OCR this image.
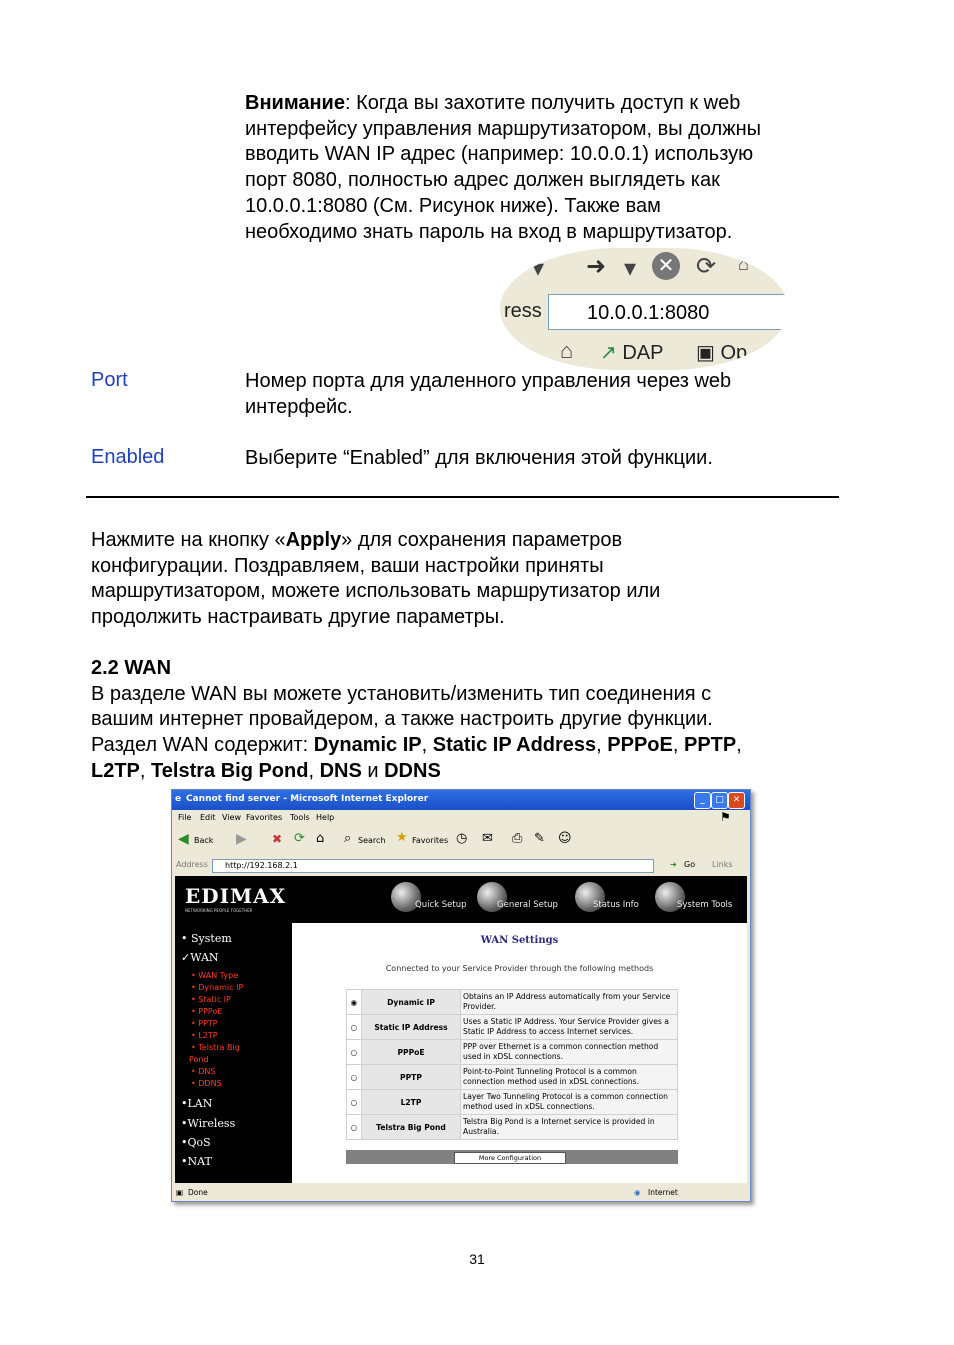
Внимание: Когда вы захотите получить доступ к web
интерфейсу управления маршрутизатором, вы должны
вводить WAN IP адрес (например: 10.0.0.1) использую
порт 8080, полностью адрес должен выглядеть как
10.0.0.1:8080 (См. Рисунок ниже). Также вам
необходимо знать пароль на вход в маршрутизатор.
▾ ➜ ▾ ✕ ⟳ ⌂
ress 10.0.0.1:8080
⌂ ↗ DAP ▣ Ор
Port	Номер порта для удаленного управления через web
интерфейс.
Enabled	Выберите “Enabled” для включения этой функции.
Нажмите на кнопку «Apply» для сохранения параметров
конфигурации. Поздравляем, ваши настройки приняты
маршрутизатором, можете использовать маршрутизатор или
продолжить настраивать другие параметры.
2.2 WAN
В разделе WAN вы можете установить/изменить тип соединения с
вашим интернет провайдером, а также настроить другие функции.
Раздел WAN содержит: Dynamic IP, Static IP Address, PPPoE, PPTP,
L2TP, Telstra Big Pond, DNS и DDNS
e Cannot find server - Microsoft Internet Explorer	_	□ ✕
File Edit View Favorites Tools Help	⚑
◀ Back ▶ ✖ ⟳ ⌂ ⌕ Search ★ Favorites ◷ ✉ ⎙ ✎ ☺
Address http://192.168.2.1	➜ Go Links
EDIMAX
NETWORKING PEOPLE TOGETHER
Quick Setup	General Setup	Status Info	System Tools
• System
✓WAN
• WAN Type
• Dynamic IP
• Static IP
• PPPoE
• PPTP
• L2TP
• Telstra Big
Pond
• DNS
• DDNS
•LAN
•Wireless
•QoS
•NAT
WAN Settings
Connected to your Service Provider through the following methods
◉	Dynamic IP	Obtains an IP Address automatically from your Service Provider.
○	Static IP Address	Uses a Static IP Address. Your Service Provider gives a Static IP Address to access Internet services.
○	PPPoE	PPP over Ethernet is a common connection method used in xDSL connections.
○	PPTP	Point-to-Point Tunneling Protocol is a common connection method used in xDSL connections.
○	L2TP	Layer Two Tunneling Protocol is a common connection method used in xDSL connections.
○	Telstra Big Pond	Telstra Big Pond is a Internet service is provided in Australia.
More Configuration
▣ Done	◉ Internet
31
